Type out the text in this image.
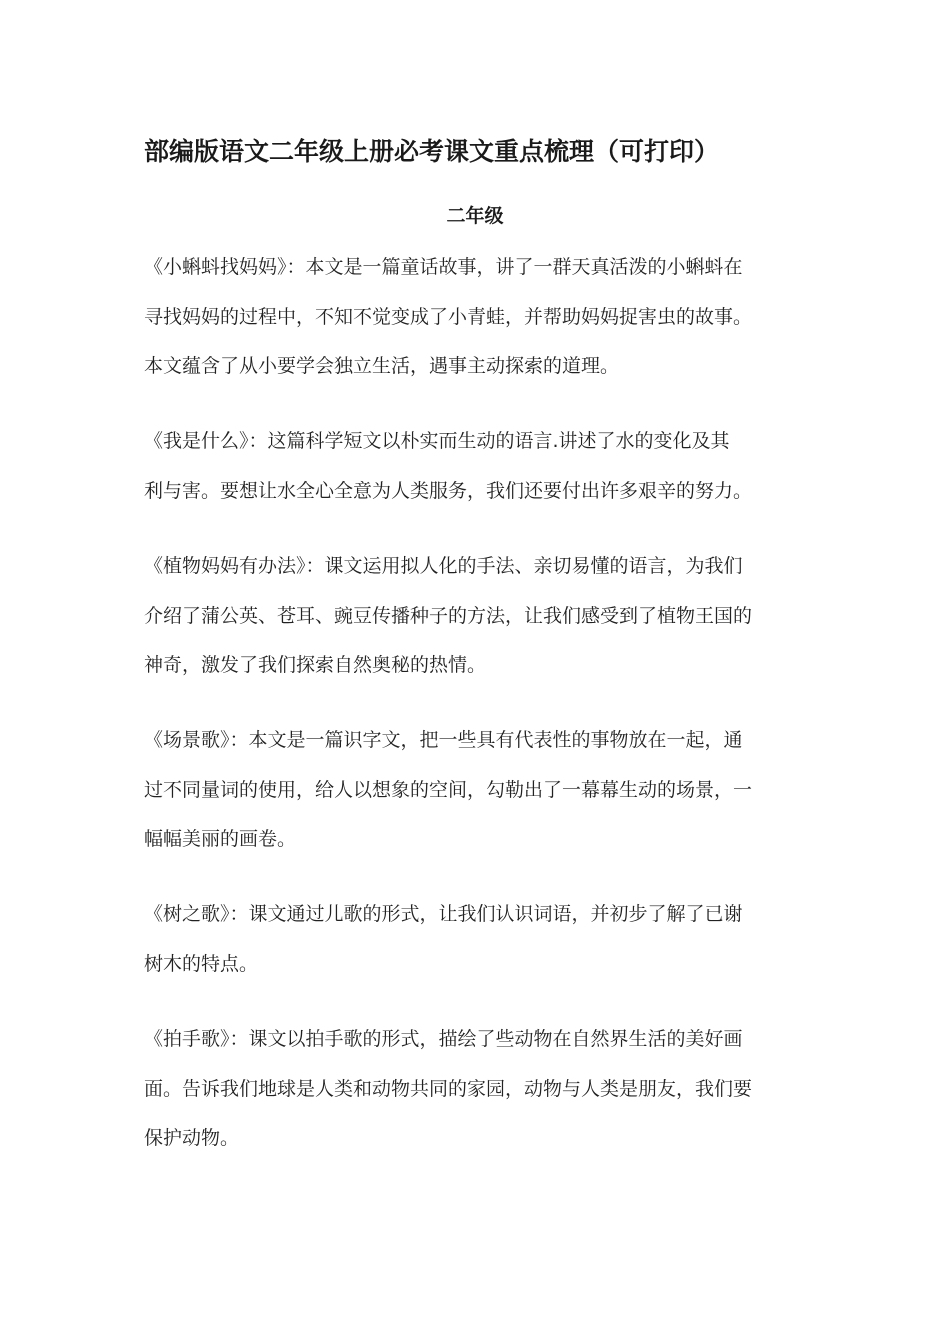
部编版语文二年级上册必考课文重点梳理（可打印）
二年级
《小蝌蚪找妈妈》：本文是一篇童话故事，讲了一群天真活泼的小蝌蚪在
寻找妈妈的过程中，不知不觉变成了小青蛙，并帮助妈妈捉害虫的故事。
本文蕴含了从小要学会独立生活，遇事主动探索的道理。
《我是什么》：这篇科学短文以朴实而生动的语言.讲述了水的变化及其
利与害。要想让水全心全意为人类服务，我们还要付出许多艰辛的努力。
《植物妈妈有办法》：课文运用拟人化的手法、亲切易懂的语言，为我们
介绍了蒲公英、苍耳、豌豆传播种子的方法，让我们感受到了植物王国的
神奇，激发了我们探索自然奥秘的热情。
《场景歌》：本文是一篇识字文，把一些具有代表性的事物放在一起，通
过不同量词的使用，给人以想象的空间，勾勒出了一幕幕生动的场景，一
幅幅美丽的画卷。
《树之歌》：课文通过儿歌的形式，让我们认识词语，并初步了解了已谢
树木的特点。
《拍手歌》：课文以拍手歌的形式，描绘了些动物在自然界生活的美好画
面。告诉我们地球是人类和动物共同的家园，动物与人类是朋友，我们要
保护动物。
